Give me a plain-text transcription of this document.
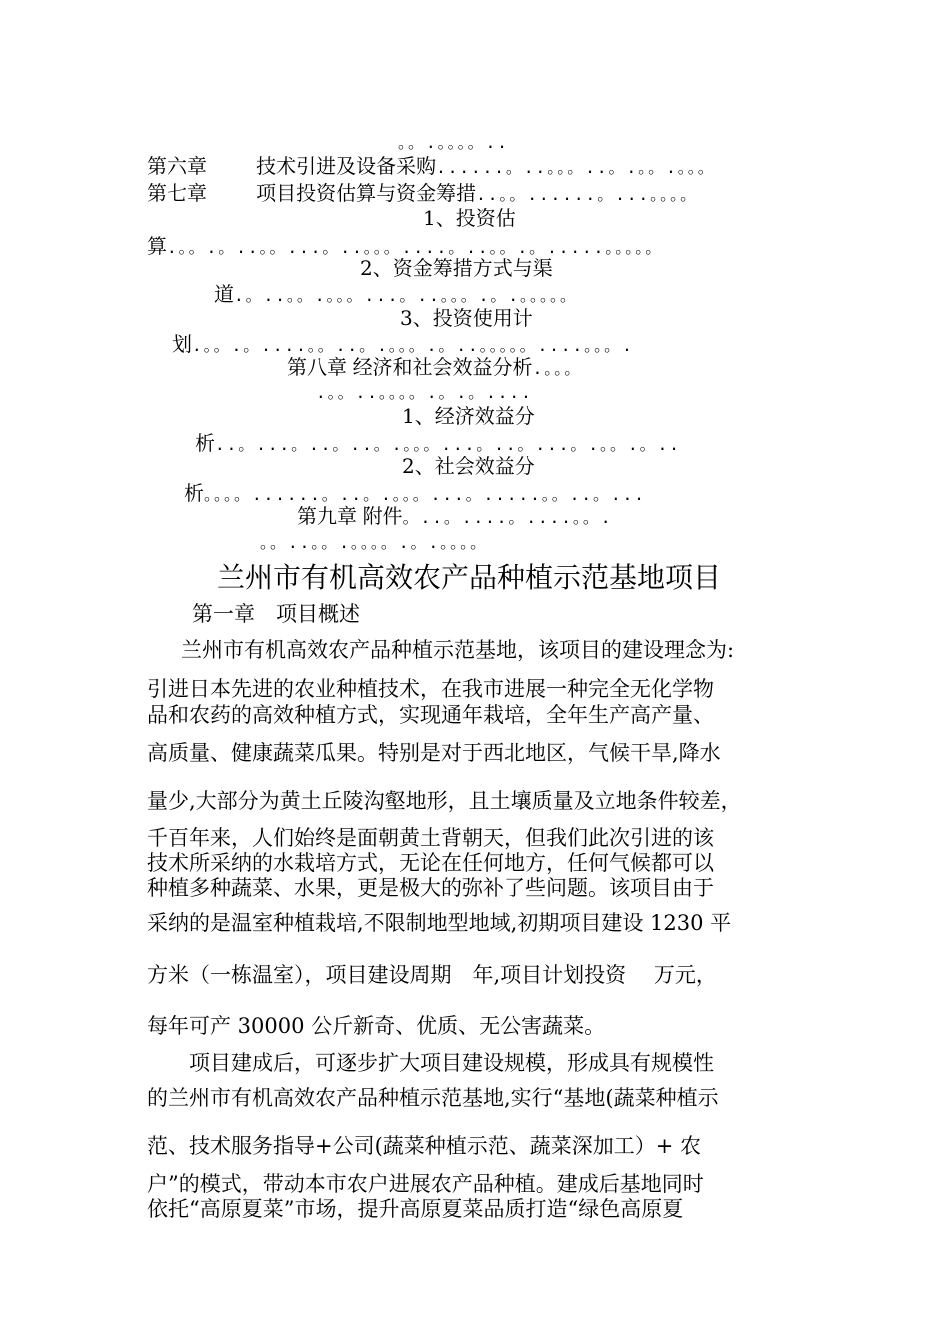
。。.。。。。..
第六章 技术引进及设备采购......。..。。。..。.。。.。。。
第七章 项目投资估算与资金筹措..。。......。...。。。。
1、投资估
算.。。.。..。。...。..。。。....。..。。.。.....。。。。。
2、资金筹措方式与渠
道.。..。。.。。。...。..。。。.。.。。。。。
3、投资使用计
划.。。.。....。。..。.。。。.。..。。。。。....。。。.
第八章 经济和社会效益分析.。。。
.。。..。。。。.。.。....
1、经济效益分
析..。...。..。..。.。。。...。..。...。.。。.。..
2、社会效益分
析。。。。......。..。.。。。...。.....。。..。...
第九章 附件。..。....。....。。.
。。..。。.。。。。.。.。。。。
兰州市有机高效农产品种植示范基地项目
第一章　项目概述
　兰州市有机高效农产品种植示范基地，该项目的建设理念为:
引进日本先进的农业种植技术，在我市进展一种完全无化学物
品和农药的高效种植方式，实现通年栽培，全年生产高产量、
高质量、健康蔬菜瓜果。特别是对于西北地区，气候干旱,降水
量少,大部分为黄土丘陵沟壑地形，且土壤质量及立地条件较差，
千百年来，人们始终是面朝黄土背朝天，但我们此次引进的该
技术所采纳的水栽培方式，无论在任何地方，任何气候都可以
种植多种蔬菜、水果，更是极大的弥补了些问题。该项目由于
采纳的是温室种植栽培,不限制地型地域,初期项目建设 1230 平
方米（一栋温室），项目建设周期　年,项目计划投资　 万元，
每年可产 30000 公斤新奇、优质、无公害蔬菜。
　　项目建成后，可逐步扩大项目建设规模，形成具有规模性
的兰州市有机高效农产品种植示范基地,实行“基地(蔬菜种植示
范、技术服务指导+公司(蔬菜种植示范、蔬菜深加工）+ 农
户”的模式，带动本市农户进展农产品种植。建成后基地同时
依托“高原夏菜”市场，提升高原夏菜品质打造“绿色高原夏
